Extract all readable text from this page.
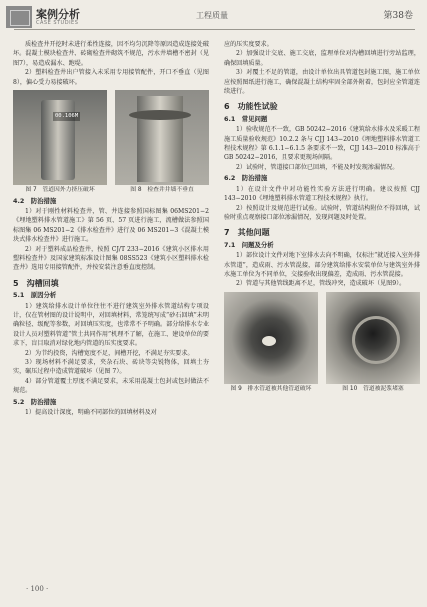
案例分析
CASE STUDIES
工程质量	第38卷

质检查井开挖时未进行柔性连接，因不均匀沉降等原因造成连接处破坏。混凝土模块检查井、砖砌检查井砌筑不规范，污水井墙槽不密封（见图7），易造成漏水、跑堤。

2）塑料检查井出户管接入未采用专用接管配件，开口不垂直（见图8），偏心受力易接破坏。

00.106M
图 7　管道因外力挤压破坏	图 8　检查井井墙不垂直
4.2　防治措施

1）对于刚性材料检查井，管、井连接参照国标图集 06MS201−2《埋地塑料排水管道施工》第 56 页、57 页进行施工，流槽做法参照国标图集 06 MS201−2《排水检查井》进行及 06 MS201−3《混凝土模块式排水检查井》进行施工。

2）对于塑料成品检查井，按照 CJ/T 233−2016《建筑小区排水用塑料检查井》及国家建筑标准设计图集 08SS523《建筑小区塑料排水检查井》选用专用接管配件，并按安装注意垂直度控制。

5　沟槽回填
5.1　原因分析

1）建筑给排水设计单位往往不进行建筑室外排水管道结构专项设计，仅在管材图的设计说明中，对回填材料，常笼统写成“砂石回填”未明确粒径、级配等参数，对回填压实度，也常常不予明确。部分给排水专业设计人员对塑料管道“管土共同作用”机理不了解，在施工、建设单位的要求下，盲目取消对绿化地内管道的压实度要求。

2）为节约投资，沟槽宽度不足，间槽开挖，不满足夯实要求。

3）现场材料不满足要求，夹杂石块、砖块等尖锐物体，回填土夯实，碾压过程中造成管道破坏（见图 7）。

4）部分管道覆土厚度不满足要求，未采用混凝土包封或包封做法不规范。

5.2　防治措施

1）提高设计深度，明确不同部位的回填材料及对

应的压实度要求。

2）加强设计交底、施工交底，监理单位对沟槽回填进行旁站监理，确保回填质量。

3）对覆土不足的管道，由设计单位出具管道包封施工图，施工单位应按照图纸进行施工，确保混凝土结构牢固全部外附着，包封应全管道连续进行。

6　功能性试验
6.1　常见问题

1）验收规范不一致，GB 50242−2016《建筑给水排水及采暖工程施工质量验收规范》10.2.2 条与 CJJ 143−2010《埋地塑料排水管道工程技术规程》第 6.1.1−6.1.5 条要求不一致，CJJ 143−2010 标准高于 GB 50242−2016，且要求更现场间隔。

2）试验时，管道接口部位已回填，不能及时发现渗漏情况。

6.2　防治措施

1）在设计文件中对功能性实验方法进行明确。建议按照 CJJ 143−2010《埋地塑料排水管道工程技术规程》执行。

2）按照设计及规范进行试验。试验时，管道结构附位不得回填，试验时重点观察接口部位渗漏情况，发现问题及时处置。

7　其他问题
7.1　问题及分析

1）部位设计文件对地下室排水去向不明确，仅标注“就近接入室外排水管道”，造成雨、污水管混接，部分建筑给排水安装单位与建筑室外排水施工单位为不同单位，交接验收出现偏差，造成雨、污水管混接。

2）管道与其他管线距离不足，管线冲突，造成破坏（见图9）。

图 9　排水管道被其他管道破坏	图 10　管道被泥浆堵塞
· 100 ·
